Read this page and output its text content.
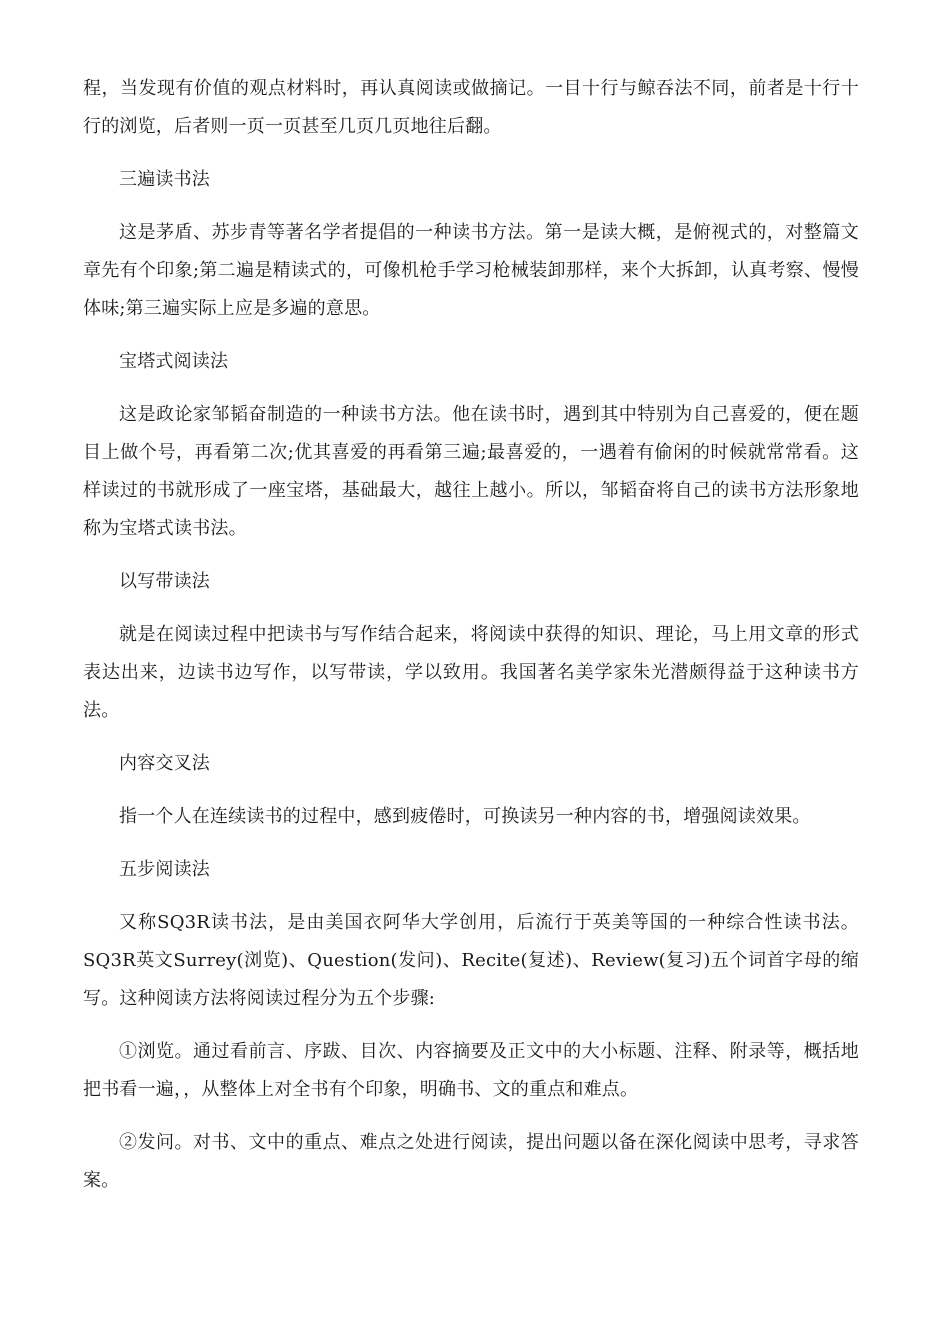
程，当发现有价值的观点材料时，再认真阅读或做摘记。一目十行与鲸吞法不同，前者是十行十行的浏览，后者则一页一页甚至几页几页地往后翻。

三遍读书法

这是茅盾、苏步青等著名学者提倡的一种读书方法。第一是读大概，是俯视式的，对整篇文章先有个印象;第二遍是精读式的，可像机枪手学习枪械装卸那样，来个大拆卸，认真考察、慢慢体味;第三遍实际上应是多遍的意思。

宝塔式阅读法

这是政论家邹韬奋制造的一种读书方法。他在读书时，遇到其中特别为自己喜爱的，便在题目上做个号，再看第二次;优其喜爱的再看第三遍;最喜爱的，一遇着有偷闲的时候就常常看。这样读过的书就形成了一座宝塔，基础最大，越往上越小。所以，邹韬奋将自己的读书方法形象地称为宝塔式读书法。

以写带读法

就是在阅读过程中把读书与写作结合起来，将阅读中获得的知识、理论，马上用文章的形式表达出来，边读书边写作，以写带读，学以致用。我国著名美学家朱光潜颇得益于这种读书方法。

内容交叉法

指一个人在连续读书的过程中，感到疲倦时，可换读另一种内容的书，增强阅读效果。

五步阅读法

又称SQ3R读书法，是由美国衣阿华大学创用，后流行于英美等国的一种综合性读书法。SQ3R英文Surrey(浏览)、Question(发问)、Recite(复述)、Review(复习)五个词首字母的缩写。这种阅读方法将阅读过程分为五个步骤:

①浏览。通过看前言、序跋、目次、内容摘要及正文中的大小标题、注释、附录等，概括地把书看一遍，，从整体上对全书有个印象，明确书、文的重点和难点。

②发问。对书、文中的重点、难点之处进行阅读，提出问题以备在深化阅读中思考，寻求答案。
